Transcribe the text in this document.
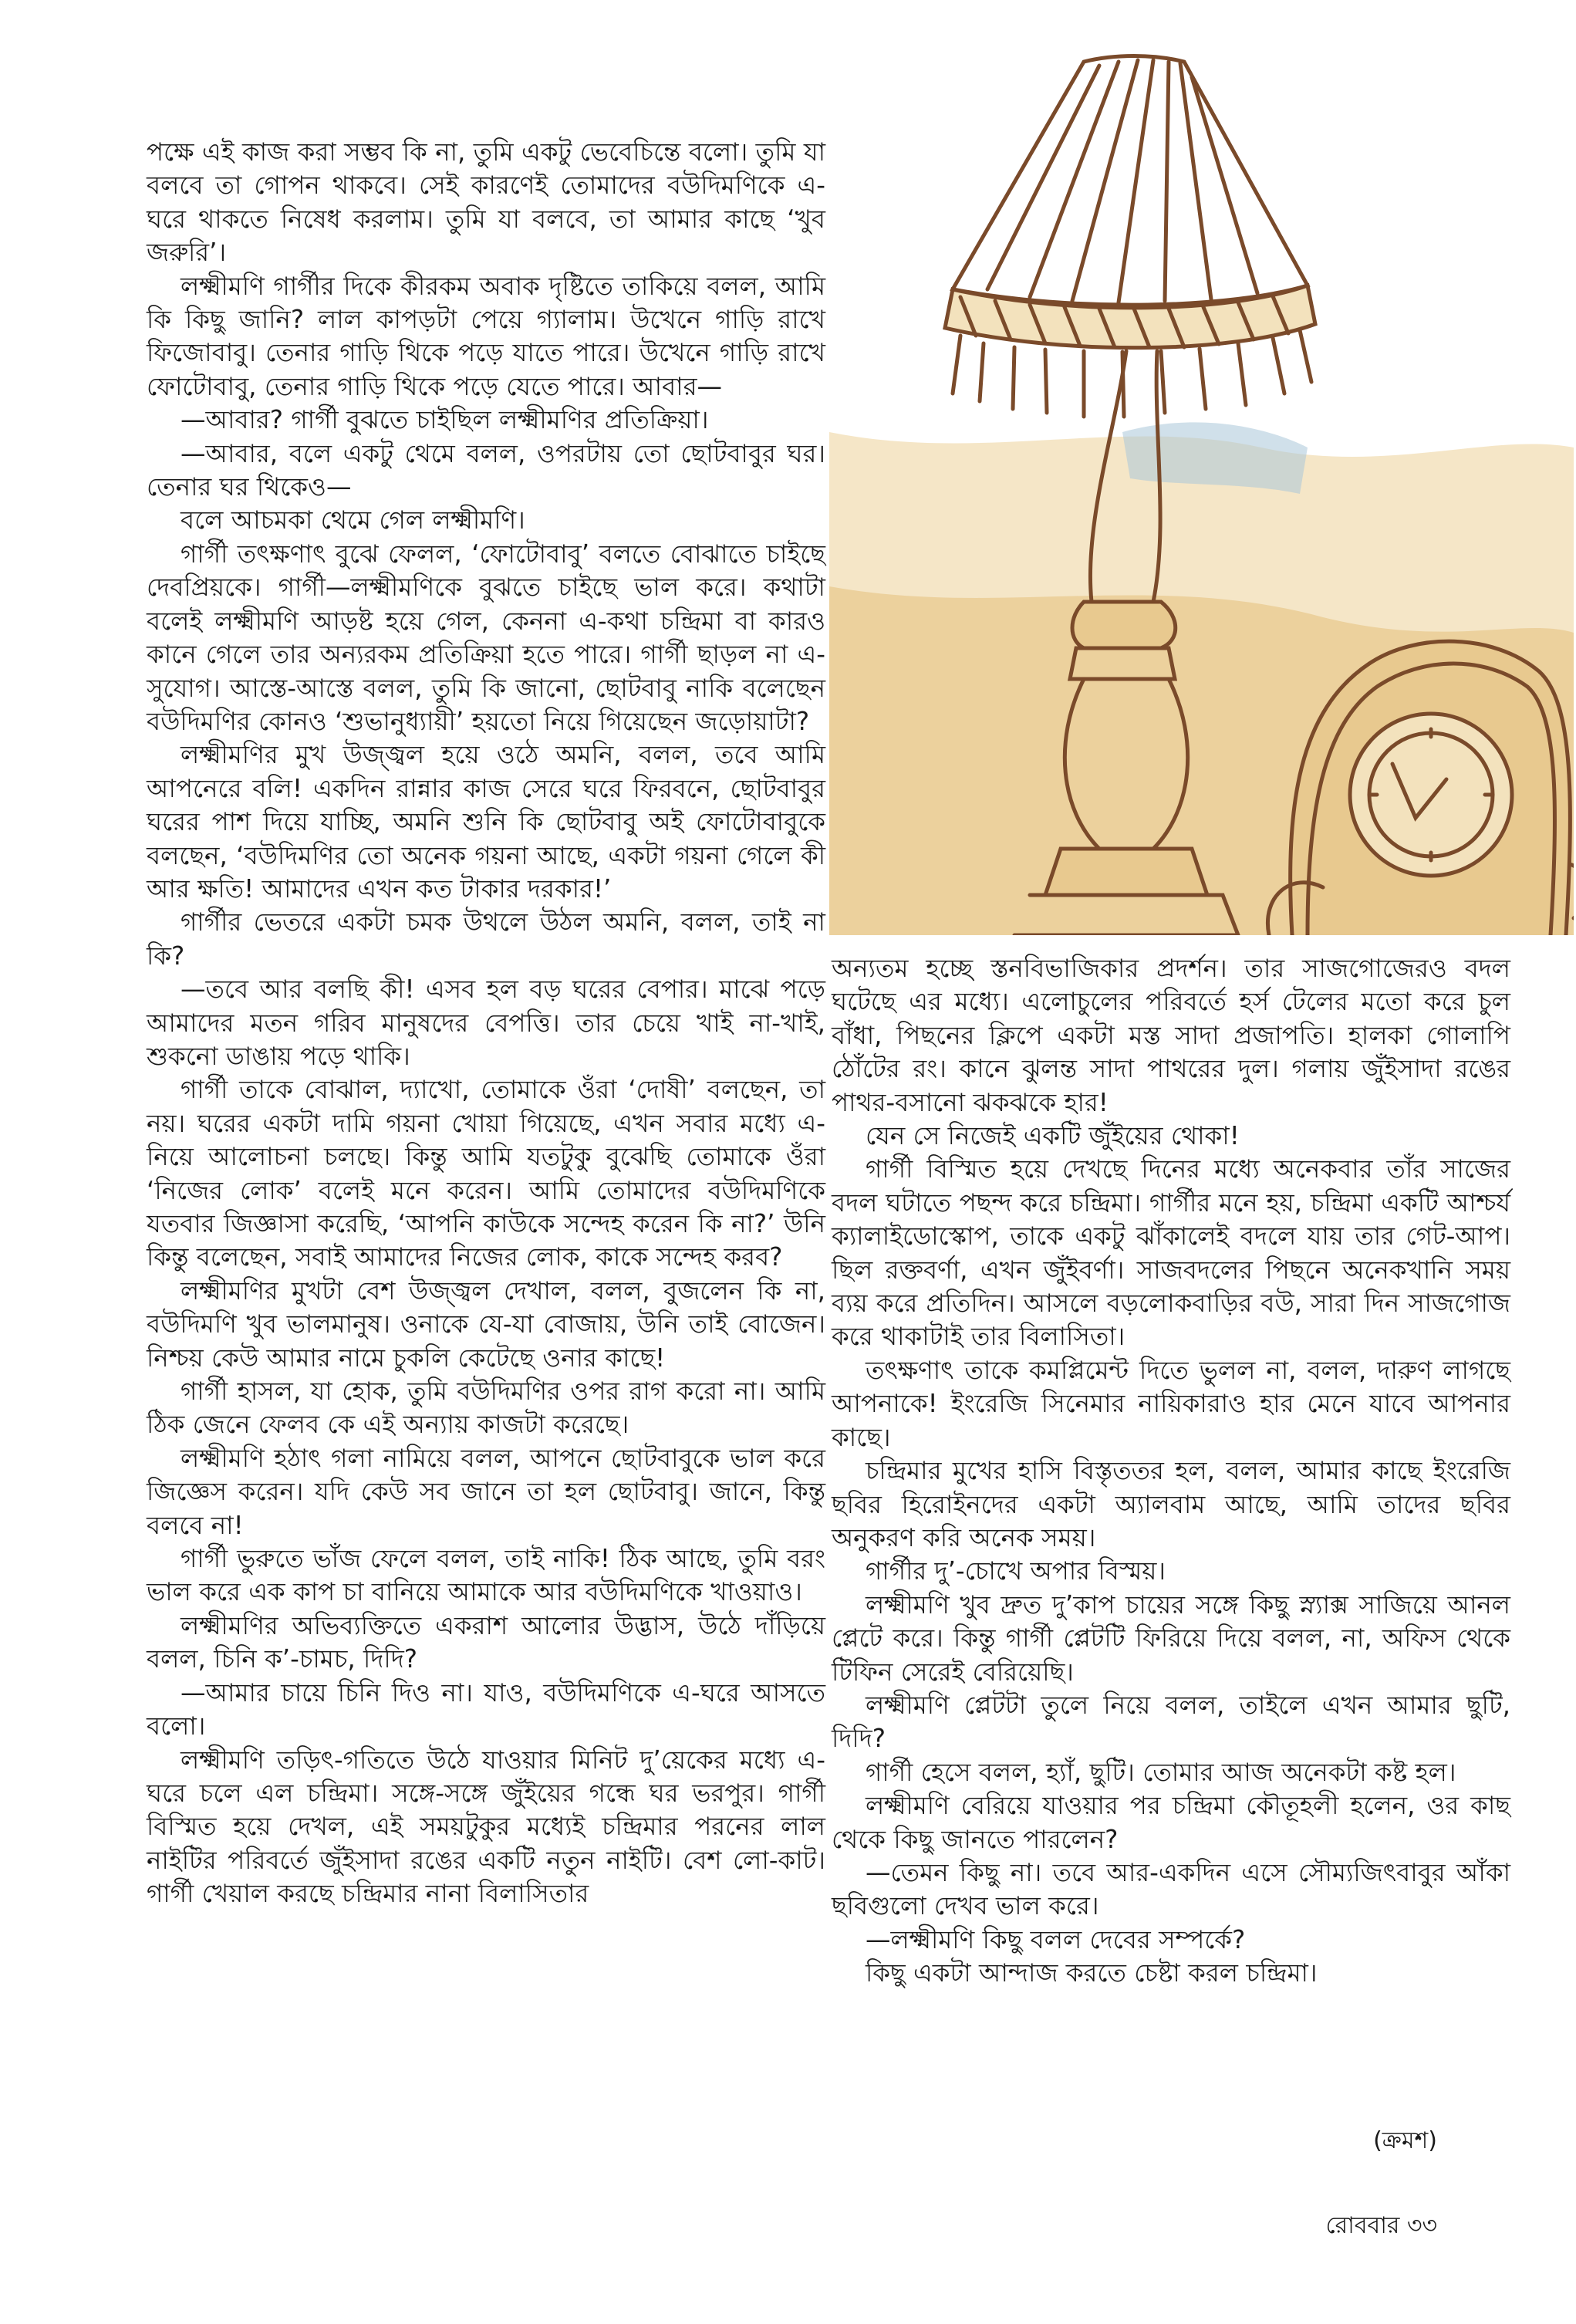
পক্ষে এই কাজ করা সম্ভব কি না, তুমি একটু ভেবেচিন্তে বলো। তুমি যা বলবে তা গোপন থাকবে। সেই কারণেই তোমাদের বউদিমণিকে এ-ঘরে থাকতে নিষেধ করলাম। তুমি যা বলবে, তা আমার কাছে ‘খুব জরুরি’।

লক্ষ্মীমণি গার্গীর দিকে কীরকম অবাক দৃষ্টিতে তাকিয়ে বলল, আমি কি কিছু জানি? লাল কাপড়টা পেয়ে গ্যালাম। উখেনে গাড়ি রাখে ফিজোবাবু। তেনার গাড়ি থিকে পড়ে যাতে পারে। উখেনে গাড়ি রাখে ফোটোবাবু, তেনার গাড়ি থিকে পড়ে যেতে পারে। আবার—

—আবার? গার্গী বুঝতে চাইছিল লক্ষ্মীমণির প্রতিক্রিয়া।

—আবার, বলে একটু থেমে বলল, ওপরটায় তো ছোটবাবুর ঘর। তেনার ঘর থিকেও—

বলে আচমকা থেমে গেল লক্ষ্মীমণি।

গার্গী তৎক্ষণাৎ বুঝে ফেলল, ‘ফোটোবাবু’ বলতে বোঝাতে চাইছে দেবপ্রিয়কে। গার্গী—লক্ষ্মীমণিকে বুঝতে চাইছে ভাল করে। কথাটা বলেই লক্ষ্মীমণি আড়ষ্ট হয়ে গেল, কেননা এ-কথা চন্দ্রিমা বা কারও কানে গেলে তার অন্যরকম প্রতিক্রিয়া হতে পারে। গার্গী ছাড়ল না এ-সুযোগ। আস্তে-আস্তে বলল, তুমি কি জানো, ছোটবাবু নাকি বলেছেন বউদিমণির কোনও ‘শুভানুধ্যায়ী’ হয়তো নিয়ে গিয়েছেন জড়োয়াটা?

লক্ষ্মীমণির মুখ উজ্জ্বল হয়ে ওঠে অমনি, বলল, তবে আমি আপনেরে বলি! একদিন রান্নার কাজ সেরে ঘরে ফিরবনে, ছোটবাবুর ঘরের পাশ দিয়ে যাচ্ছি, অমনি শুনি কি ছোটবাবু অই ফোটোবাবুকে বলছেন, ‘বউদিমণির তো অনেক গয়না আছে, একটা গয়না গেলে কী আর ক্ষতি! আমাদের এখন কত টাকার দরকার!’

গার্গীর ভেতরে একটা চমক উথলে উঠল অমনি, বলল, তাই না কি?

—তবে আর বলছি কী! এসব হল বড় ঘরের বেপার। মাঝে পড়ে আমাদের মতন গরিব মানুষদের বেপত্তি। তার চেয়ে খাই না-খাই, শুকনো ডাঙায় পড়ে থাকি।

গার্গী তাকে বোঝাল, দ্যাখো, তোমাকে ওঁরা ‘দোষী’ বলছেন, তা নয়। ঘরের একটা দামি গয়না খোয়া গিয়েছে, এখন সবার মধ্যে এ-নিয়ে আলোচনা চলছে। কিন্তু আমি যতটুকু বুঝেছি তোমাকে ওঁরা ‘নিজের লোক’ বলেই মনে করেন। আমি তোমাদের বউদিমণিকে যতবার জিজ্ঞাসা করেছি, ‘আপনি কাউকে সন্দেহ করেন কি না?’ উনি কিন্তু বলেছেন, সবাই আমাদের নিজের লোক, কাকে সন্দেহ করব?

লক্ষ্মীমণির মুখটা বেশ উজ্জ্বল দেখাল, বলল, বুজলেন কি না, বউদিমণি খুব ভালমানুষ। ওনাকে যে-যা বোজায়, উনি তাই বোজেন। নিশ্চয় কেউ আমার নামে চুকলি কেটেছে ওনার কাছে!

গার্গী হাসল, যা হোক, তুমি বউদিমণির ওপর রাগ করো না। আমি ঠিক জেনে ফেলব কে এই অন্যায় কাজটা করেছে।

লক্ষ্মীমণি হঠাৎ গলা নামিয়ে বলল, আপনে ছোটবাবুকে ভাল করে জিজ্ঞেস করেন। যদি কেউ সব জানে তা হল ছোটবাবু। জানে, কিন্তু বলবে না!

গার্গী ভুরুতে ভাঁজ ফেলে বলল, তাই নাকি! ঠিক আছে, তুমি বরং ভাল করে এক কাপ চা বানিয়ে আমাকে আর বউদিমণিকে খাওয়াও।

লক্ষ্মীমণির অভিব্যক্তিতে একরাশ আলোর উদ্ভাস, উঠে দাঁড়িয়ে বলল, চিনি ক’-চামচ, দিদি?

—আমার চায়ে চিনি দিও না। যাও, বউদিমণিকে এ-ঘরে আসতে বলো।

লক্ষ্মীমণি তড়িৎ-গতিতে উঠে যাওয়ার মিনিট দু’য়েকের মধ্যে এ-ঘরে চলে এল চন্দ্রিমা। সঙ্গে-সঙ্গে জুঁইয়ের গন্ধে ঘর ভরপুর। গার্গী বিস্মিত হয়ে দেখল, এই সময়টুকুর মধ্যেই চন্দ্রিমার পরনের লাল নাইটির পরিবর্তে জুঁইসাদা রঙের একটি নতুন নাইটি। বেশ লো-কাট। গার্গী খেয়াল করছে চন্দ্রিমার নানা বিলাসিতার

অন্যতম হচ্ছে স্তনবিভাজিকার প্রদর্শন। তার সাজগোজেরও বদল ঘটেছে এর মধ্যে। এলোচুলের পরিবর্তে হর্স টেলের মতো করে চুল বাঁধা, পিছনের ক্লিপে একটা মস্ত সাদা প্রজাপতি। হালকা গোলাপি ঠোঁটের রং। কানে ঝুলন্ত সাদা পাথরের দুল। গলায় জুঁইসাদা রঙের পাথর-বসানো ঝকঝকে হার!

যেন সে নিজেই একটি জুঁইয়ের থোকা!

গার্গী বিস্মিত হয়ে দেখছে দিনের মধ্যে অনেকবার তাঁর সাজের বদল ঘটাতে পছন্দ করে চন্দ্রিমা। গার্গীর মনে হয়, চন্দ্রিমা একটি আশ্চর্য ক্যালাইডোস্কোপ, তাকে একটু ঝাঁকালেই বদলে যায় তার গেট-আপ। ছিল রক্তবর্ণা, এখন জুঁইবর্ণা। সাজবদলের পিছনে অনেকখানি সময় ব্যয় করে প্রতিদিন। আসলে বড়লোকবাড়ির বউ, সারা দিন সাজগোজ করে থাকাটাই তার বিলাসিতা।

তৎক্ষণাৎ তাকে কমপ্লিমেন্ট দিতে ভুলল না, বলল, দারুণ লাগছে আপনাকে! ইংরেজি সিনেমার নায়িকারাও হার মেনে যাবে আপনার কাছে।

চন্দ্রিমার মুখের হাসি বিস্তৃততর হল, বলল, আমার কাছে ইংরেজি ছবির হিরোইনদের একটা অ্যালবাম আছে, আমি তাদের ছবির অনুকরণ করি অনেক সময়।

গার্গীর দু’-চোখে অপার বিস্ময়।

লক্ষ্মীমণি খুব দ্রুত দু’কাপ চায়ের সঙ্গে কিছু স্ন্যাক্স সাজিয়ে আনল প্লেটে করে। কিন্তু গার্গী প্লেটটি ফিরিয়ে দিয়ে বলল, না, অফিস থেকে টিফিন সেরেই বেরিয়েছি।

লক্ষ্মীমণি প্লেটটা তুলে নিয়ে বলল, তাইলে এখন আমার ছুটি, দিদি?

গার্গী হেসে বলল, হ্যাঁ, ছুটি। তোমার আজ অনেকটা কষ্ট হল।

লক্ষ্মীমণি বেরিয়ে যাওয়ার পর চন্দ্রিমা কৌতূহলী হলেন, ওর কাছ থেকে কিছু জানতে পারলেন?

—তেমন কিছু না। তবে আর-একদিন এসে সৌম্যজিৎবাবুর আঁকা ছবিগুলো দেখব ভাল করে।

—লক্ষ্মীমণি কিছু বলল দেবের সম্পর্কে?

কিছু একটা আন্দাজ করতে চেষ্টা করল চন্দ্রিমা।

(ক্রমশ)
রোববার ৩৩
